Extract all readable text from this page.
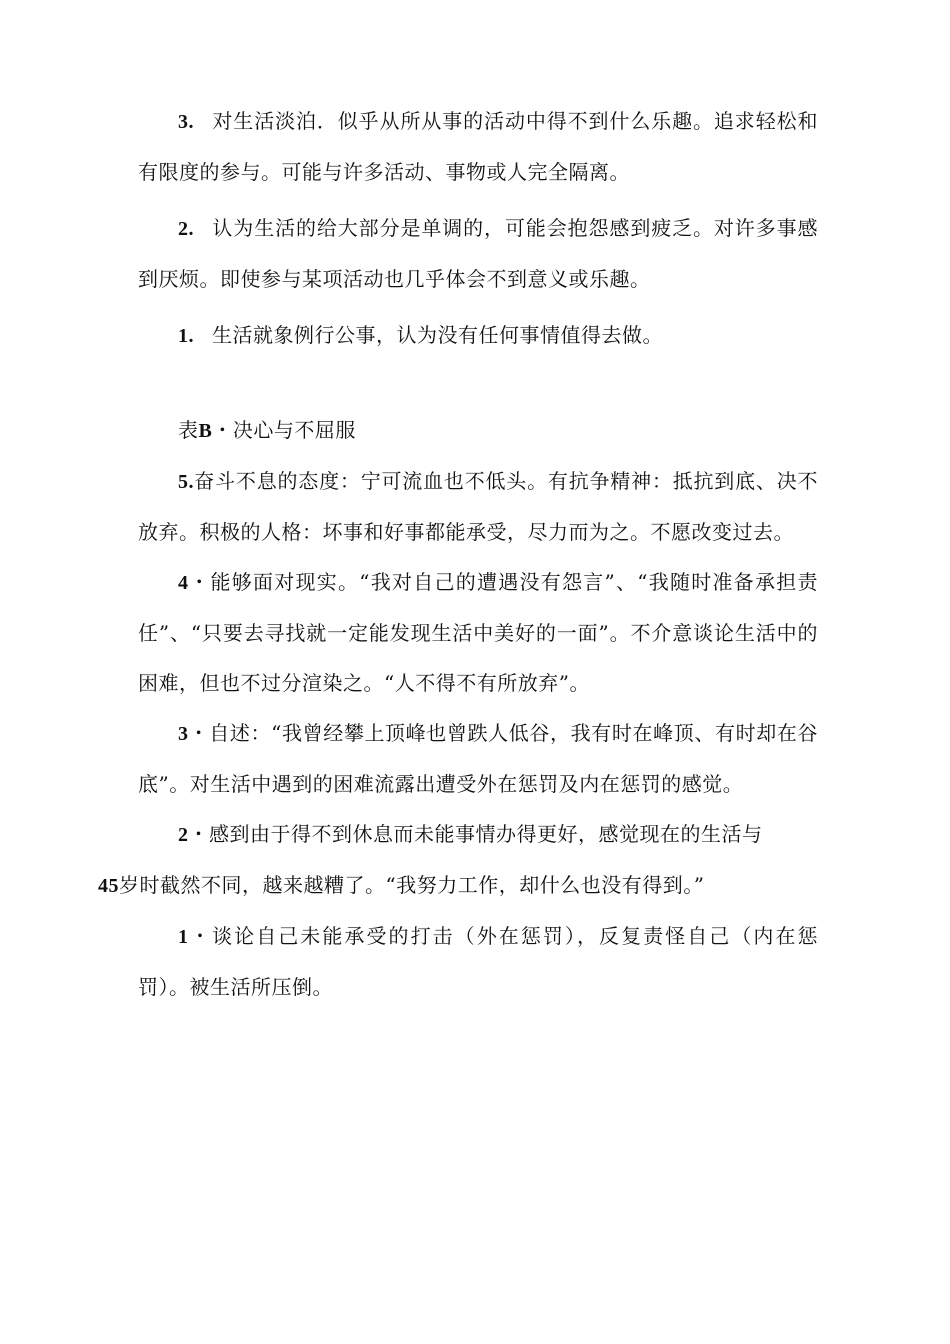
3. 对生活淡泊．似乎从所从事的活动中得不到什么乐趣。追求轻松和有限度的参与。可能与许多活动、事物或人完全隔离。

2. 认为生活的给大部分是单调的，可能会抱怨感到疲乏。对许多事感到厌烦。即使参与某项活动也几乎体会不到意义或乐趣。

1. 生活就象例行公事，认为没有任何事情值得去做。

表B・决心与不屈服

5.奋斗不息的态度：宁可流血也不低头。有抗争精神：抵抗到底、决不放弃。积极的人格：坏事和好事都能承受，尽力而为之。不愿改变过去。

4・能够面对现实。“我对自己的遭遇没有怨言”、“我随时准备承担责任”、“只要去寻找就一定能发现生活中美好的一面”。不介意谈论生活中的困难，但也不过分渲染之。“人不得不有所放弃”。

3・自述：“我曾经攀上顶峰也曾跌人低谷，我有时在峰顶、有时却在谷底”。对生活中遇到的困难流露出遭受外在惩罚及内在惩罚的感觉。

2・感到由于得不到休息而未能事情办得更好，感觉现在的生活与
45岁时截然不同，越来越糟了。“我努力工作，却什么也没有得到。”

1・谈论自己未能承受的打击（外在惩罚），反复责怪自己（内在惩罚）。被生活所压倒。
